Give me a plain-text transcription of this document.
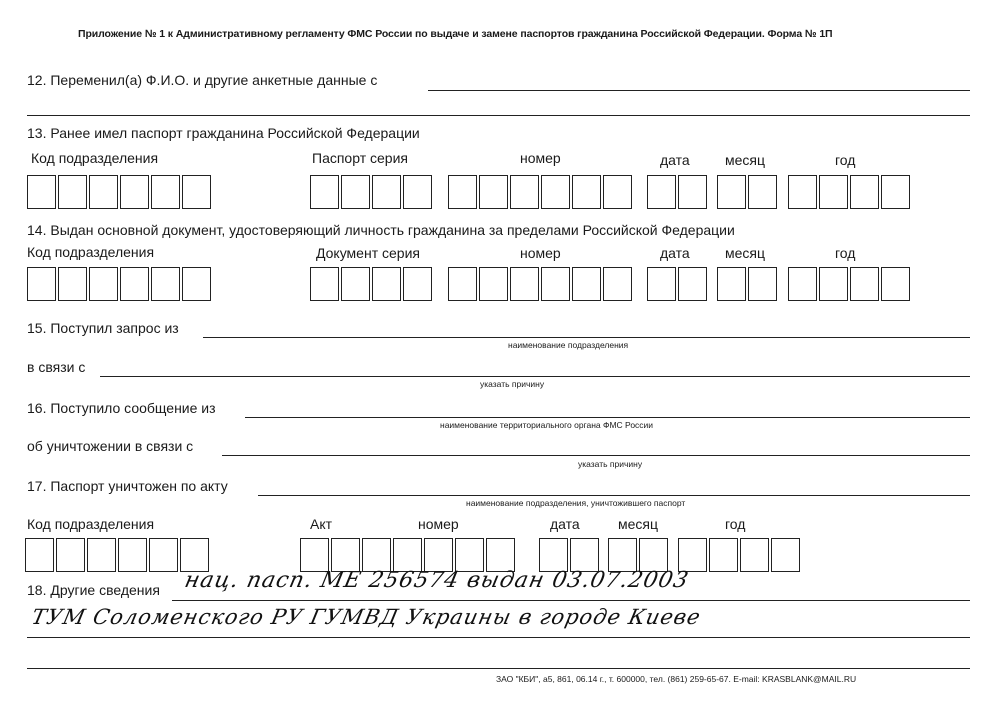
Приложение № 1 к Административному регламенту ФМС России по выдаче и замене паспортов гражданина Российской Федерации. Форма № 1П
12. Переменил(а) Ф.И.О. и другие анкетные данные с
13. Ранее имел паспорт гражданина Российской Федерации
Код подразделения	Паспорт серия	номер	дата	месяц	год
14. Выдан основной документ, удостоверяющий личность гражданина за пределами Российской Федерации
Код подразделения	Документ серия	номер	дата	месяц	год
15. Поступил запрос из
наименование подразделения
в связи с
указать причину
16. Поступило сообщение из
наименование территориального органа ФМС России
об уничтожении в связи с
указать причину
17. Паспорт уничтожен по акту
наименование подразделения, уничтожившего паспорт
Код подразделения	Акт	номер	дата	месяц	год
18. Другие сведения нац. пасп. МЕ 256574 выдан 03.07.2003
ТУМ Соломенского РУ ГУМВД Украины в городе Киеве
ЗАО "КБИ", а5, 861, 06.14 г., т. 600000, тел. (861) 259-65-67. E-mail: KRASBLANK@MAIL.RU
